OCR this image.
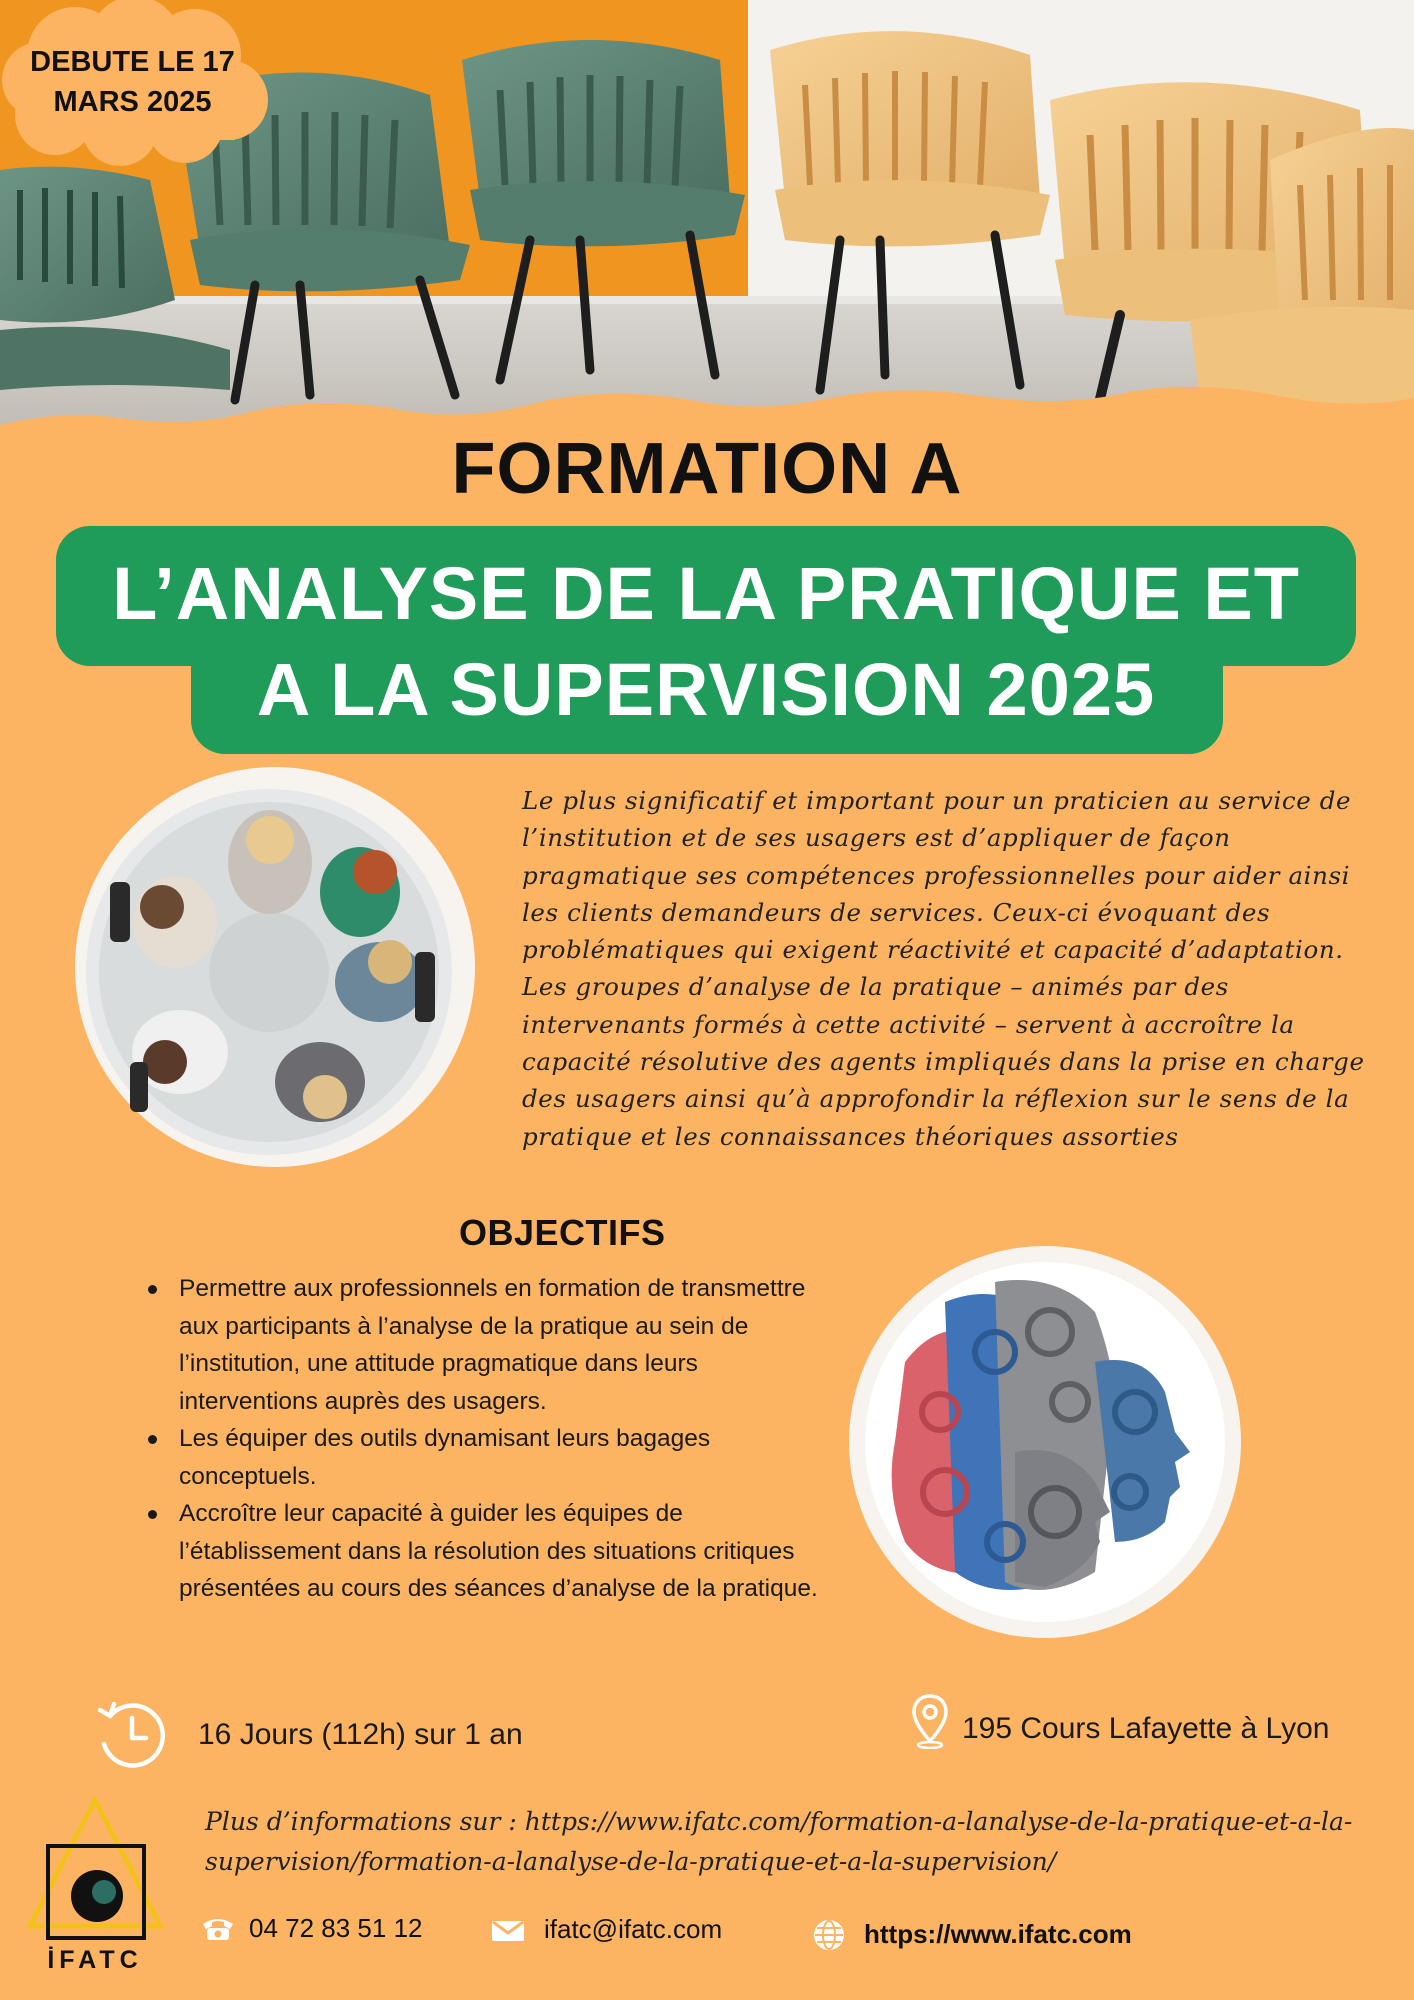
DEBUTE LE 17
MARS 2025
FORMATION A
L’ANALYSE DE LA PRATIQUE ET
A LA SUPERVISION 2025
Le plus significatif et important pour un praticien au service de
l’institution et de ses usagers est d’appliquer de façon
pragmatique ses compétences professionnelles pour aider ainsi
les clients demandeurs de services. Ceux-ci évoquant des
problématiques qui exigent réactivité et capacité d’adaptation.
Les groupes d’analyse de la pratique – animés par des
intervenants formés à cette activité – servent à accroître la
capacité résolutive des agents impliqués dans la prise en charge
des usagers ainsi qu’à approfondir la réflexion sur le sens de la
pratique et les connaissances théoriques assorties
OBJECTIFS
Permettre aux professionnels en formation de transmettre aux participants à l’analyse de la pratique au sein de l’institution, une attitude pragmatique dans leurs interventions auprès des usagers.
Les équiper des outils dynamisant leurs bagages conceptuels.
Accroître leur capacité à guider les équipes de l’établissement dans la résolution des situations critiques présentées au cours des séances d’analyse de la pratique.
16 Jours (112h) sur 1 an	195 Cours Lafayette à Lyon
Plus d’informations sur : https://www.ifatc.com/formation-a-lanalyse-de-la-pratique-et-a-la-supervision/formation-a-lanalyse-de-la-pratique-et-a-la-supervision/
İFATC
04 72 83 51 12	ifatc@ifatc.com	https://www.ifatc.com
